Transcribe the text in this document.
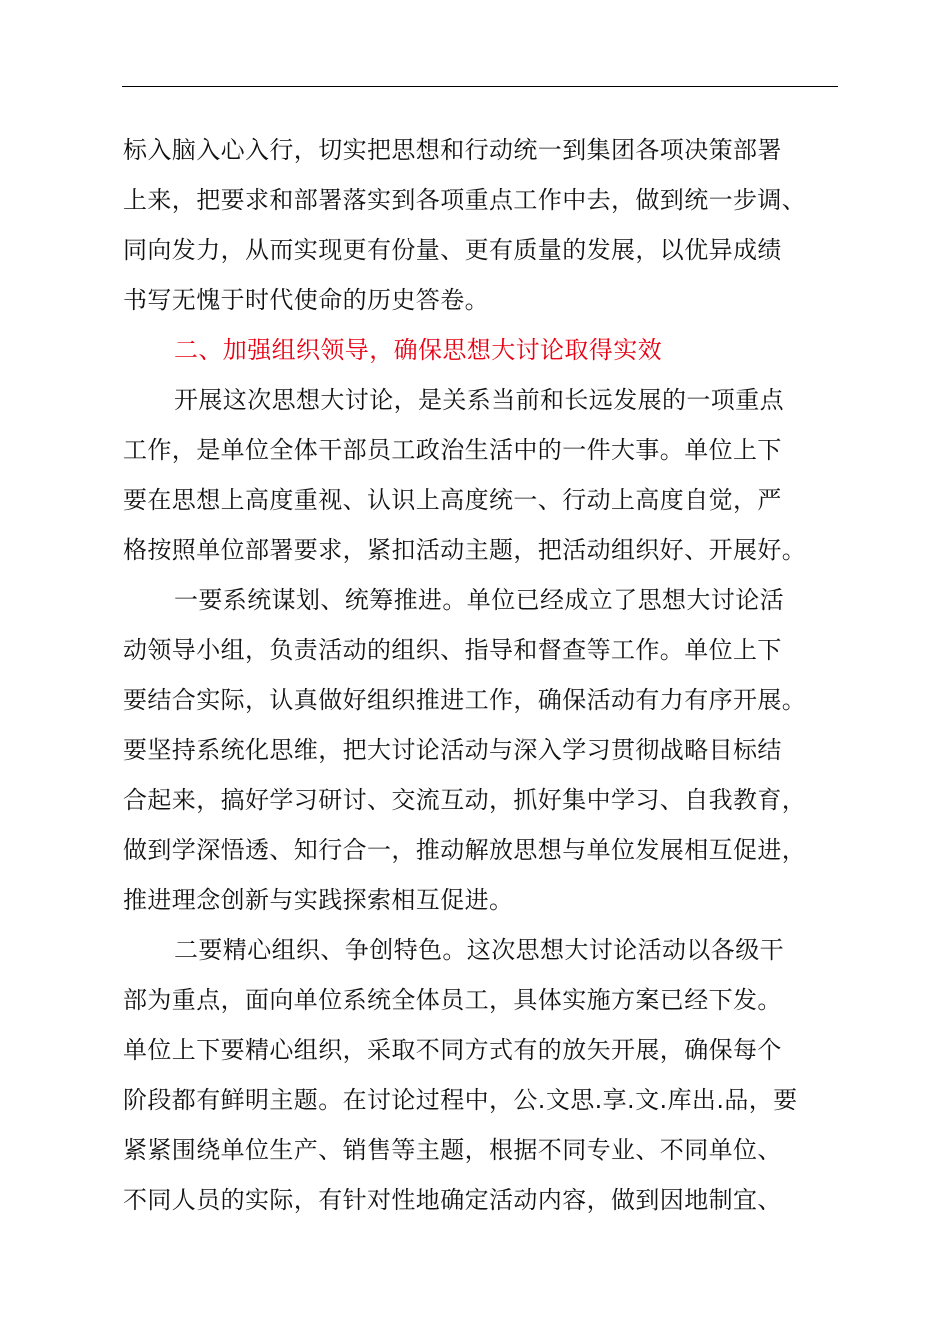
标入脑入心入行，切实把思想和行动统一到集团各项决策部署
上来，把要求和部署落实到各项重点工作中去，做到统一步调、
同向发力，从而实现更有份量、更有质量的发展，以优异成绩
书写无愧于时代使命的历史答卷。
二、加强组织领导，确保思想大讨论取得实效
开展这次思想大讨论，是关系当前和长远发展的一项重点
工作，是单位全体干部员工政治生活中的一件大事。单位上下
要在思想上高度重视、认识上高度统一、行动上高度自觉，严
格按照单位部署要求，紧扣活动主题，把活动组织好、开展好。
一要系统谋划、统筹推进。单位已经成立了思想大讨论活
动领导小组，负责活动的组织、指导和督查等工作。单位上下
要结合实际，认真做好组织推进工作，确保活动有力有序开展。
要坚持系统化思维，把大讨论活动与深入学习贯彻战略目标结
合起来，搞好学习研讨、交流互动，抓好集中学习、自我教育，
做到学深悟透、知行合一，推动解放思想与单位发展相互促进，
推进理念创新与实践探索相互促进。
二要精心组织、争创特色。这次思想大讨论活动以各级干
部为重点，面向单位系统全体员工，具体实施方案已经下发。
单位上下要精心组织，采取不同方式有的放矢开展，确保每个
阶段都有鲜明主题。在讨论过程中，公.文思.享.文.库出.品，要
紧紧围绕单位生产、销售等主题，根据不同专业、不同单位、
不同人员的实际，有针对性地确定活动内容，做到因地制宜、
